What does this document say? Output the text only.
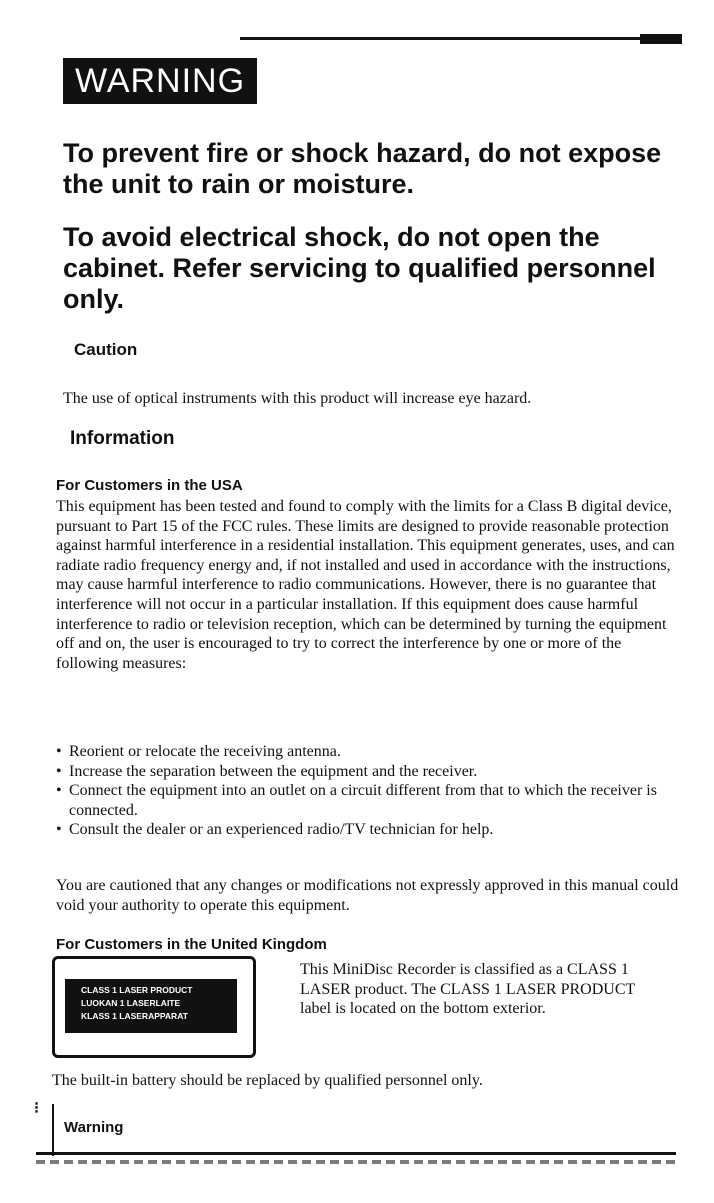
WARNING
To prevent fire or shock hazard, do not expose the unit to rain or moisture.
To avoid electrical shock, do not open the cabinet. Refer servicing to qualified personnel only.
Caution
The use of optical instruments with this product will increase eye hazard.
Information
For Customers in the USA
This equipment has been tested and found to comply with the limits for a Class B digital device, pursuant to Part 15 of the FCC rules. These limits are designed to provide reasonable protection against harmful interference in a residential installation. This equipment generates, uses, and can radiate radio frequency energy and, if not installed and used in accordance with the instructions, may cause harmful interference to radio communications. However, there is no guarantee that interference will not occur in a particular installation. If this equipment does cause harmful interference to radio or television reception, which can be determined by turning the equipment off and on, the user is encouraged to try to correct the interference by one or more of the following measures:
• Reorient or relocate the receiving antenna.
• Increase the separation between the equipment and the receiver.
• Connect the equipment into an outlet on a circuit different from that to which the receiver is connected.
• Consult the dealer or an experienced radio/TV technician for help.
You are cautioned that any changes or modifications not expressly approved in this manual could void your authority to operate this equipment.
For Customers in the United Kingdom
CLASS 1 LASER PRODUCT
LUOKAN 1 LASERLAITE
KLASS 1 LASERAPPARAT
This MiniDisc Recorder is classified as a CLASS 1 LASER product. The CLASS 1 LASER PRODUCT label is located on the bottom exterior.
The built-in battery should be replaced by qualified personnel only.
⁝
Warning
